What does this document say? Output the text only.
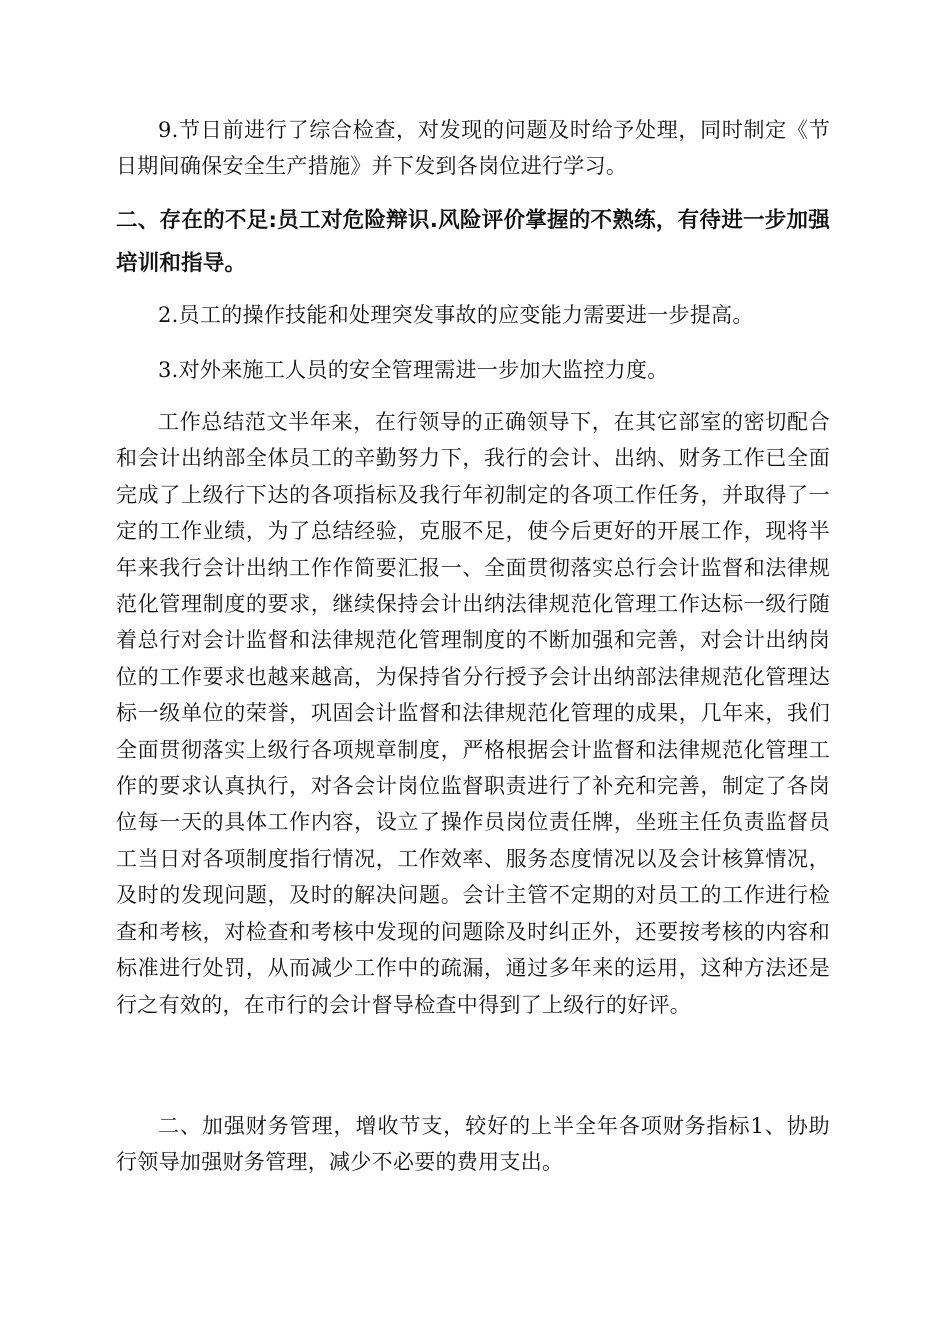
9.节日前进行了综合检查，对发现的问题及时给予处理，同时制定《节日期间确保安全生产措施》并下发到各岗位进行学习。

二、存在的不足:员工对危险辩识.风险评价掌握的不熟练，有待进一步加强培训和指导。

2.员工的操作技能和处理突发事故的应变能力需要进一步提高。

3.对外来施工人员的安全管理需进一步加大监控力度。

工作总结范文半年来，在行领导的正确领导下，在其它部室的密切配合和会计出纳部全体员工的辛勤努力下，我行的会计、出纳、财务工作已全面完成了上级行下达的各项指标及我行年初制定的各项工作任务，并取得了一定的工作业绩，为了总结经验，克服不足，使今后更好的开展工作，现将半年来我行会计出纳工作作简要汇报一、全面贯彻落实总行会计监督和法律规范化管理制度的要求，继续保持会计出纳法律规范化管理工作达标一级行随着总行对会计监督和法律规范化管理制度的不断加强和完善，对会计出纳岗位的工作要求也越来越高，为保持省分行授予会计出纳部法律规范化管理达标一级单位的荣誉，巩固会计监督和法律规范化管理的成果，几年来，我们全面贯彻落实上级行各项规章制度，严格根据会计监督和法律规范化管理工作的要求认真执行，对各会计岗位监督职责进行了补充和完善，制定了各岗位每一天的具体工作内容，设立了操作员岗位责任牌，坐班主任负责监督员工当日对各项制度指行情况，工作效率、服务态度情况以及会计核算情况，及时的发现问题，及时的解决问题。会计主管不定期的对员工的工作进行检查和考核，对检查和考核中发现的问题除及时纠正外，还要按考核的内容和标准进行处罚，从而减少工作中的疏漏，通过多年来的运用，这种方法还是行之有效的，在市行的会计督导检查中得到了上级行的好评。

二、加强财务管理，增收节支，较好的上半全年各项财务指标1、协助行领导加强财务管理，减少不必要的费用支出。
